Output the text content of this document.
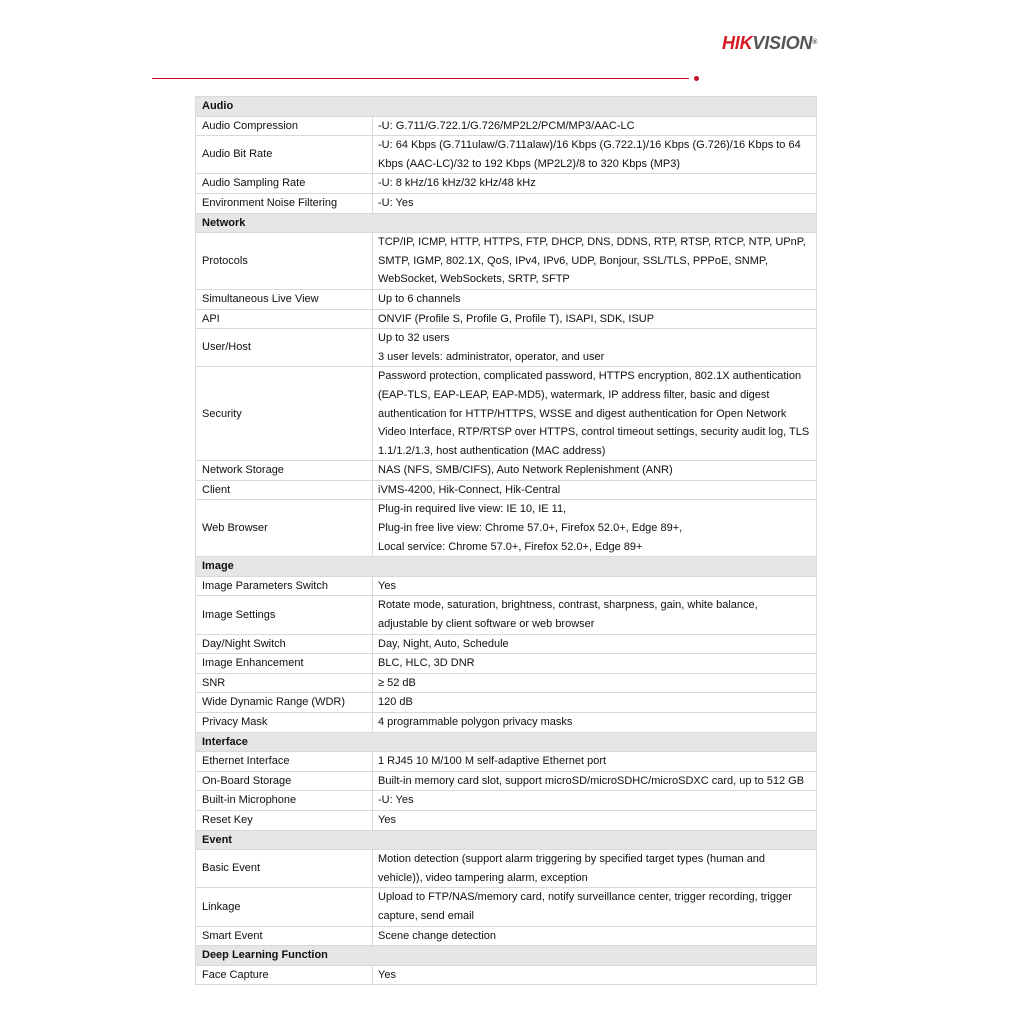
HIKVISION®
Audio	
Audio Compression	-U: G.711/G.722.1/G.726/MP2L2/PCM/MP3/AAC-LC

Audio Bit Rate	-U: 64 Kbps (G.711ulaw/G.711alaw)/16 Kbps (G.722.1)/16 Kbps (G.726)/16 Kbps to 64
Kbps (AAC-LC)/32 to 192 Kbps (MP2L2)/8 to 320 Kbps (MP3)

Audio Sampling Rate	-U: 8 kHz/16 kHz/32 kHz/48 kHz

Environment Noise Filtering	-U: Yes

Network	
Protocols	TCP/IP, ICMP, HTTP, HTTPS, FTP, DHCP, DNS, DDNS, RTP, RTSP, RTCP, NTP, UPnP,
SMTP, IGMP, 802.1X, QoS, IPv4, IPv6, UDP, Bonjour, SSL/TLS, PPPoE, SNMP,
WebSocket, WebSockets, SRTP, SFTP

Simultaneous Live View	Up to 6 channels

API	ONVIF (Profile S, Profile G, Profile T), ISAPI, SDK, ISUP

User/Host	Up to 32 users
3 user levels: administrator, operator, and user

Security	Password protection, complicated password, HTTPS encryption, 802.1X authentication
(EAP-TLS, EAP-LEAP, EAP-MD5), watermark, IP address filter, basic and digest
authentication for HTTP/HTTPS, WSSE and digest authentication for Open Network
Video Interface, RTP/RTSP over HTTPS, control timeout settings, security audit log, TLS
1.1/1.2/1.3, host authentication (MAC address)

Network Storage	NAS (NFS, SMB/CIFS), Auto Network Replenishment (ANR)

Client	iVMS-4200, Hik-Connect, Hik-Central

Web Browser	Plug-in required live view: IE 10, IE 11,
Plug-in free live view: Chrome 57.0+, Firefox 52.0+, Edge 89+,
Local service: Chrome 57.0+, Firefox 52.0+, Edge 89+

Image	
Image Parameters Switch	Yes

Image Settings	Rotate mode, saturation, brightness, contrast, sharpness, gain, white balance,
adjustable by client software or web browser

Day/Night Switch	Day, Night, Auto, Schedule

Image Enhancement	BLC, HLC, 3D DNR

SNR	≥ 52 dB

Wide Dynamic Range (WDR)	120 dB

Privacy Mask	4 programmable polygon privacy masks

Interface	
Ethernet Interface	1 RJ45 10 M/100 M self-adaptive Ethernet port

On-Board Storage	Built-in memory card slot, support microSD/microSDHC/microSDXC card, up to 512 GB

Built-in Microphone	-U: Yes

Reset Key	Yes

Event	
Basic Event	Motion detection (support alarm triggering by specified target types (human and
vehicle)), video tampering alarm, exception

Linkage	Upload to FTP/NAS/memory card, notify surveillance center, trigger recording, trigger
capture, send email

Smart Event	Scene change detection

Deep Learning Function	
Face Capture	Yes
